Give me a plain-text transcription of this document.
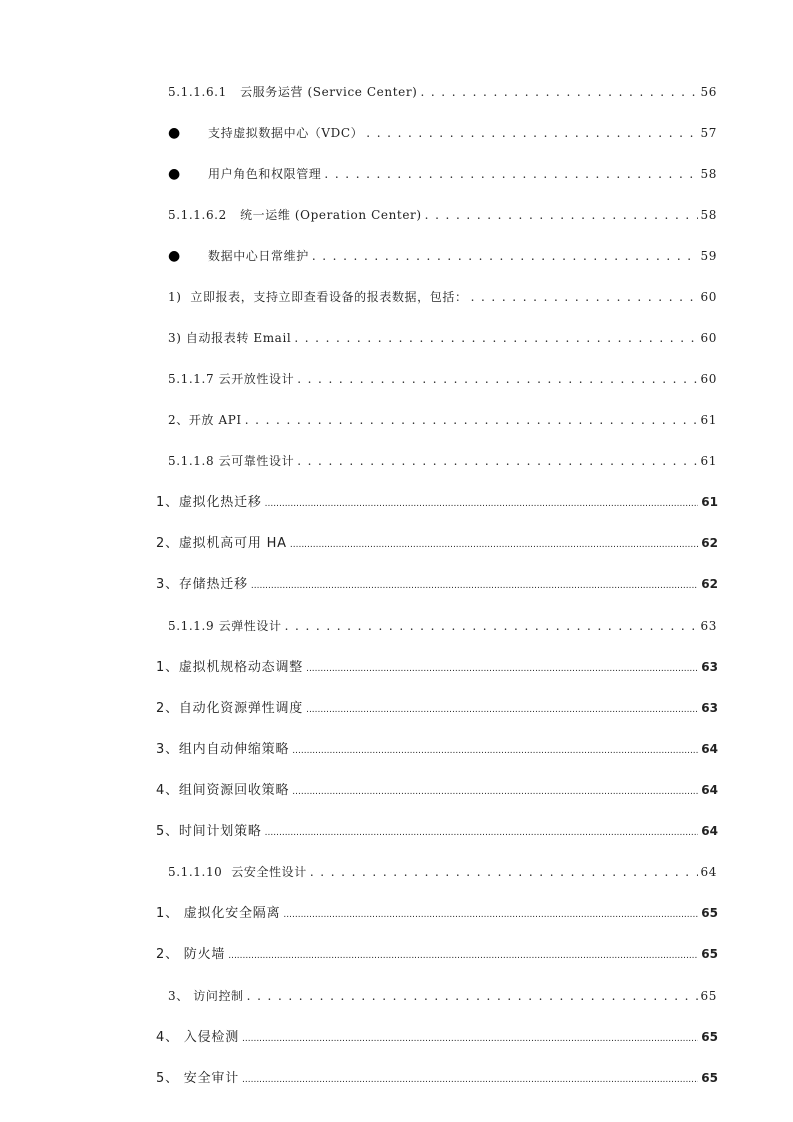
5.1.1.6.1   云服务运营 (Service Center) . . .	56
●	支持虚拟数据中心（VDC） . . .	57
●	用户角色和权限管理 . . .	58
5.1.1.6.2   统一运维 (Operation Center) . . .	58
●	数据中心日常维护 . . .	59
1)  立即报表，支持立即查看设备的报表数据，包括： . . .	60
3) 自动报表转 Email . . .	60
5.1.1.7 云开放性设计 . . .	60
2、开放 API . . .	61
5.1.1.8 云可靠性设计 . . .	61
1、虚拟化热迁移 .....	61
2、虚拟机高可用 HA .....	62
3、存储热迁移 .....	62
5.1.1.9 云弹性设计 . . .	63
1、虚拟机规格动态调整 .....	63
2、自动化资源弹性调度 .....	63
3、组内自动伸缩策略 .....	64
4、组间资源回收策略 .....	64
5、时间计划策略 .....	64
5.1.1.10  云安全性设计 . . .	64
1、 虚拟化安全隔离 .....	65
2、 防火墙 .....	65
3、 访问控制 . . .	65
4、 入侵检测 .....	65
5、 安全审计 .....	65
